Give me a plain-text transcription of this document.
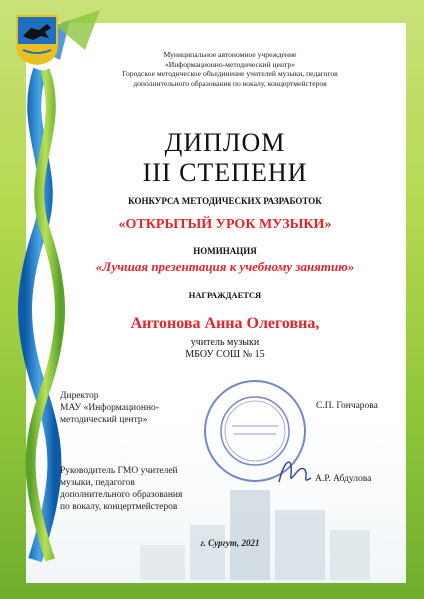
Муниципальное автономное учреждение
«Информационно-методический центр»
Городское методическое объединение учителей музыки, педагогов
дополнительного образования по вокалу, концертмейстеров
ДИПЛОМ
III СТЕПЕНИ
КОНКУРСА МЕТОДИЧЕСКИХ РАЗРАБОТОК
«ОТКРЫТЫЙ УРОК МУЗЫКИ»
НОМИНАЦИЯ
«Лучшая презентация к учебному занятию»
НАГРАЖДАЕТСЯ
Антонова Анна Олеговна,
учитель музыки
МБОУ СОШ № 15
Директор
МАУ «Информационно-
методический центр»
С.П. Гончарова
Руководитель ГМО учителей
музыки, педагогов
дополнительного образования
по вокалу, концертмейстеров
А.Р. Абдулова
г. Сургут, 2021
